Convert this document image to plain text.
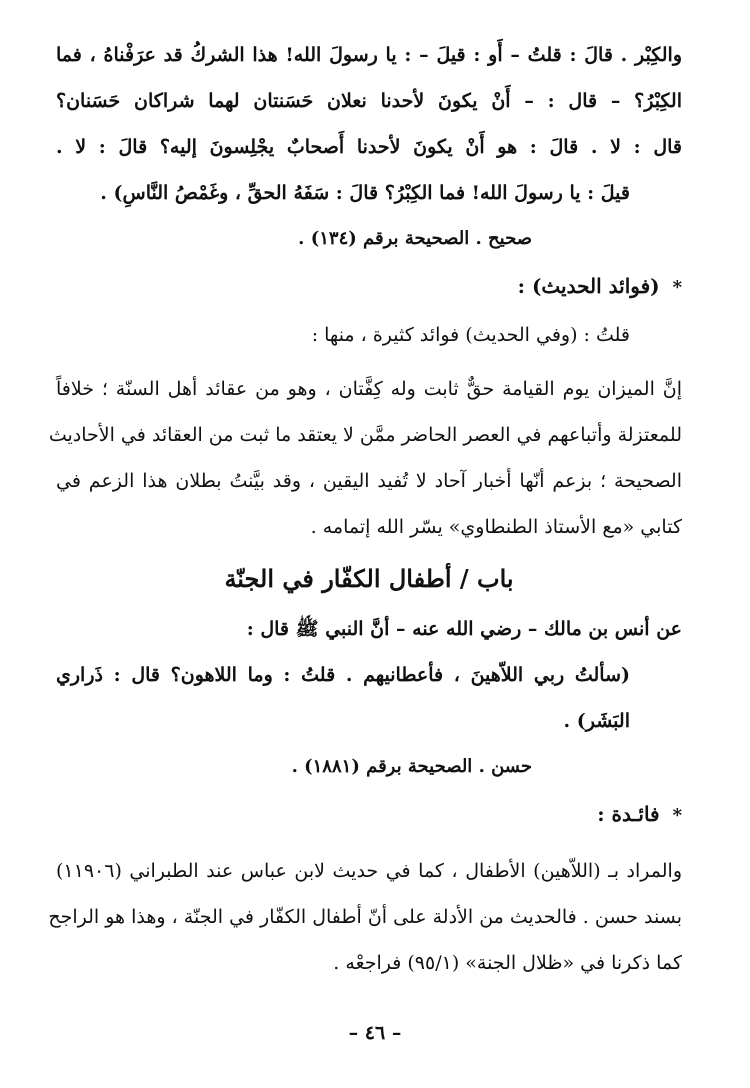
والكِبْر . قالَ : قلتُ – أَو : قيلَ – : يا رسولَ الله! هذا الشركُ قد عرَفْناهُ ، فما
الكِبْرُ؟ – قال : – أَنْ يكونَ لأحدنا نعلان حَسَنتان لهما شراكان حَسَنان؟
قال : لا . قالَ : هو أَنْ يكونَ لأحدنا أَصحابٌ يجْلِسونَ إليه؟ قالَ : لا .
قيلَ : يا رسولَ الله! فما الكِبْرُ؟ قالَ : سَفَهُ الحقِّ ، وغَمْصُ النَّاسِ) .
صحيح . الصحيحة برقم (١٣٤) .
* (فوائد الحديث) :
قلتُ : (وفي الحديث) فوائد كثيرة ، منها :
إنَّ الميزان يوم القيامة حقٌّ ثابت وله كِفَّتان ، وهو من عقائد أهل السنّة ؛ خلافاً
للمعتزلة وأتباعهم في العصر الحاضر ممَّن لا يعتقد ما ثبت من العقائد في الأحاديث
الصحيحة ؛ بزعم أنّها أخبار آحاد لا تُفيد اليقين ، وقد بيَّنتُ بطلان هذا الزعم في
كتابي «مع الأستاذ الطنطاوي» يسّر الله إتمامه .
باب / أطفال الكفّار في الجنّة
عن أنس بن مالك – رضي الله عنه – أنَّ النبي ﷺ قال :
(سألتُ ربي اللاّهينَ ، فأعطانيهم . قلتُ : وما اللاهون؟ قال : ذَراري
البَشَر) .
حسن . الصحيحة برقم (١٨٨١) .
* فائـدة :
والمراد بـ (اللاّهين) الأطفال ، كما في حديث لابن عباس عند الطبراني (١١٩٠٦)
بسند حسن . فالحديث من الأدلة على أنّ أطفال الكفّار في الجنّة ، وهذا هو الراجح
كما ذكرنا في «ظلال الجنة» (٩٥/١) فراجعْه .
– ٤٦ –
